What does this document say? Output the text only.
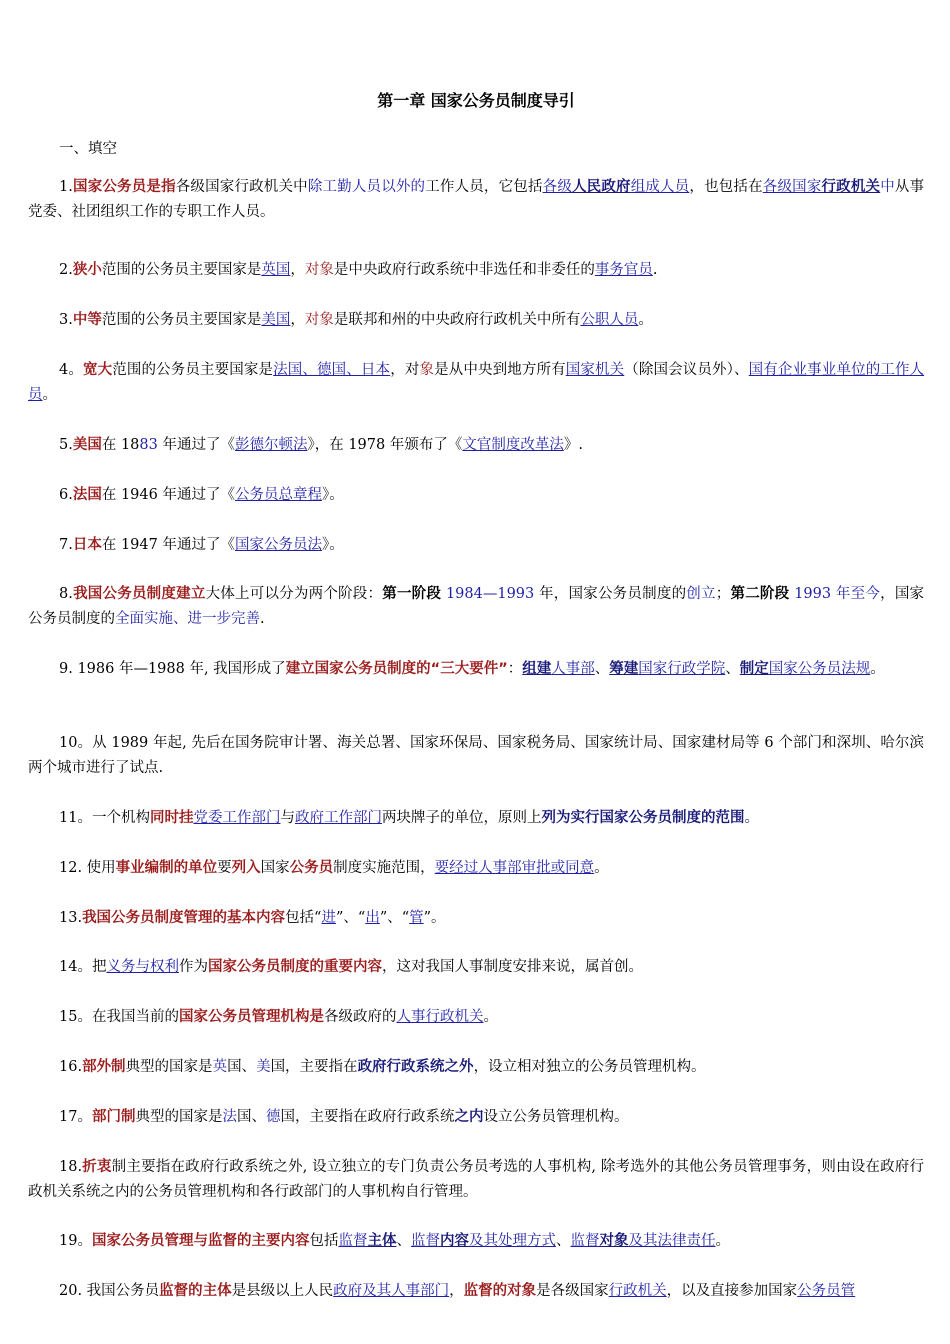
第一章 国家公务员制度导引
一、填空

1.国家公务员是指各级国家行政机关中除工勤人员以外的工作人员，它包括各级人民政府组成人员，也包括在各级国家行政机关中从事党委、社团组织工作的专职工作人员。

2.狭小范围的公务员主要国家是英国，对象是中央政府行政系统中非选任和非委任的事务官员.

3.中等范围的公务员主要国家是美国，对象是联邦和州的中央政府行政机关中所有公职人员。

4。宽大范围的公务员主要国家是法国、德国、日本，对象是从中央到地方所有国家机关（除国会议员外）、国有企业事业单位的工作人员。

5.美国在 1883 年通过了《彭德尔顿法》，在 1978 年颁布了《文官制度改革法》.

6.法国在 1946 年通过了《公务员总章程》。

7.日本在 1947 年通过了《国家公务员法》。

8.我国公务员制度建立大体上可以分为两个阶段：第一阶段 1984—1993 年，国家公务员制度的创立；第二阶段 1993 年至今，国家公务员制度的全面实施、进一步完善.

9. 1986 年—1988 年, 我国形成了建立国家公务员制度的“三大要件”：组建人事部、筹建国家行政学院、制定国家公务员法规。

10。从 1989 年起, 先后在国务院审计署、海关总署、国家环保局、国家税务局、国家统计局、国家建材局等 6 个部门和深圳、哈尔滨两个城市进行了试点.

11。一个机构同时挂党委工作部门与政府工作部门两块牌子的单位，原则上列为实行国家公务员制度的范围。

12. 使用事业编制的单位要列入国家公务员制度实施范围，要经过人事部审批或同意。

13.我国公务员制度管理的基本内容包括“进”、“出”、“管”。

14。把义务与权利作为国家公务员制度的重要内容，这对我国人事制度安排来说，属首创。

15。在我国当前的国家公务员管理机构是各级政府的人事行政机关。

16.部外制典型的国家是英国、美国，主要指在政府行政系统之外，设立相对独立的公务员管理机构。

17。部门制典型的国家是法国、德国，主要指在政府行政系统之内设立公务员管理机构。

18.折衷制主要指在政府行政系统之外, 设立独立的专门负责公务员考选的人事机构, 除考选外的其他公务员管理事务，则由设在政府行政机关系统之内的公务员管理机构和各行政部门的人事机构自行管理。

19。国家公务员管理与监督的主要内容包括监督主体、监督内容及其处理方式、监督对象及其法律责任。

20. 我国公务员监督的主体是县级以上人民政府及其人事部门，监督的对象是各级国家行政机关，以及直接参加国家公务员管
